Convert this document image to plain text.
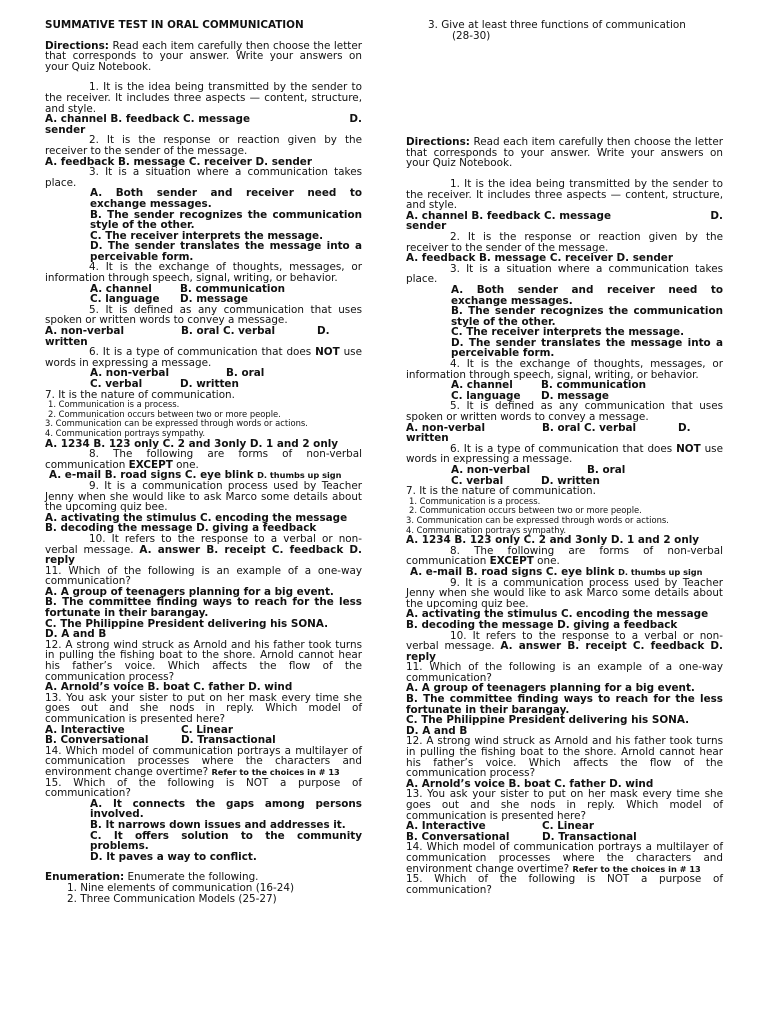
SUMMATIVE TEST IN ORAL COMMUNICATION
Directions: Read each item carefully then choose the letter that corresponds to your answer. Write your answers on your Quiz Notebook.
1. It is the idea being transmitted by the sender to the receiver. It includes three aspects — content, structure, and style.
A. channel B. feedback C. message	D.
sender
2. It is the response or reaction given by the receiver to the sender of the message.
A. feedback B. message C. receiver D. sender
3. It is a situation where a communication takes place.
A. Both sender and receiver need to exchange messages.
B. The sender recognizes the communication style of the other.
C. The receiver interprets the message.
D. The sender translates the message into a perceivable form.
4. It is the exchange of thoughts, messages, or information through speech, signal, writing, or behavior.
A. channel	B. communication
C. language D. message
5. It is defined as any communication that uses spoken or written words to convey a message.
A. non-verbal	B. oral C. verbal	D.
written
6. It is a type of communication that does NOT use words in expressing a message.
A. non-verbal	B. oral
C. verbal	D. written
7. It is the nature of communication.
1. Communication is a process.
2. Communication occurs between two or more people.
3. Communication can be expressed through words or actions.
4. Communication portrays sympathy.
A. 1234 B. 123 only C. 2 and 3only D. 1 and 2 only
8. The following are forms of non-verbal communication EXCEPT one.
A. e-mail B. road signs C. eye blink D. thumbs up sign
9. It is a communication process used by Teacher Jenny when she would like to ask Marco some details about the upcoming quiz bee.
A. activating the stimulus C. encoding the message
B. decoding the message D. giving a feedback
10. It refers to the response to a verbal or non-verbal message. A. answer B. receipt C. feedback D. reply
11. Which of the following is an example of a one-way communication?
A. A group of teenagers planning for a big event.
B. The committee finding ways to reach for the less fortunate in their barangay.
C. The Philippine President delivering his SONA.
D. A and B
12. A strong wind struck as Arnold and his father took turns in pulling the fishing boat to the shore. Arnold cannot hear his father’s voice. Which affects the flow of the communication process?
A. Arnold’s voice B. boat C. father D. wind
13. You ask your sister to put on her mask every time she goes out and she nods in reply. Which model of communication is presented here?
A. Interactive	C. Linear
B. Conversational	D. Transactional
14. Which model of communication portrays a multilayer of communication processes where the characters and environment change overtime? Refer to the choices in # 13
15. Which of the following is NOT a purpose of communication?
A. It connects the gaps among persons involved.
B. It narrows down issues and addresses it.
C. It offers solution to the community problems.
D. It paves a way to conflict.
Enumeration: Enumerate the following.
1. Nine elements of communication (16-24)
2. Three Communication Models (25-27)
3. Give at least three functions of communication
(28-30)
Directions: Read each item carefully then choose the letter that corresponds to your answer. Write your answers on your Quiz Notebook.
1. It is the idea being transmitted by the sender to the receiver. It includes three aspects — content, structure, and style.
A. channel B. feedback C. message	D.
sender
2. It is the response or reaction given by the receiver to the sender of the message.
A. feedback B. message C. receiver D. sender
3. It is a situation where a communication takes place.
A. Both sender and receiver need to exchange messages.
B. The sender recognizes the communication style of the other.
C. The receiver interprets the message.
D. The sender translates the message into a perceivable form.
4. It is the exchange of thoughts, messages, or information through speech, signal, writing, or behavior.
A. channel	B. communication
C. language D. message
5. It is defined as any communication that uses spoken or written words to convey a message.
A. non-verbal	B. oral C. verbal	D.
written
6. It is a type of communication that does NOT use words in expressing a message.
A. non-verbal	B. oral
C. verbal	D. written
7. It is the nature of communication.
1. Communication is a process.
2. Communication occurs between two or more people.
3. Communication can be expressed through words or actions.
4. Communication portrays sympathy.
A. 1234 B. 123 only C. 2 and 3only D. 1 and 2 only
8. The following are forms of non-verbal communication EXCEPT one.
A. e-mail B. road signs C. eye blink D. thumbs up sign
9. It is a communication process used by Teacher Jenny when she would like to ask Marco some details about the upcoming quiz bee.
A. activating the stimulus C. encoding the message
B. decoding the message D. giving a feedback
10. It refers to the response to a verbal or non-verbal message. A. answer B. receipt C. feedback D. reply
11. Which of the following is an example of a one-way communication?
A. A group of teenagers planning for a big event.
B. The committee finding ways to reach for the less fortunate in their barangay.
C. The Philippine President delivering his SONA.
D. A and B
12. A strong wind struck as Arnold and his father took turns in pulling the fishing boat to the shore. Arnold cannot hear his father’s voice. Which affects the flow of the communication process?
A. Arnold’s voice B. boat C. father D. wind
13. You ask your sister to put on her mask every time she goes out and she nods in reply. Which model of communication is presented here?
A. Interactive	C. Linear
B. Conversational	D. Transactional
14. Which model of communication portrays a multilayer of communication processes where the characters and environment change overtime? Refer to the choices in # 13
15. Which of the following is NOT a purpose of communication?
